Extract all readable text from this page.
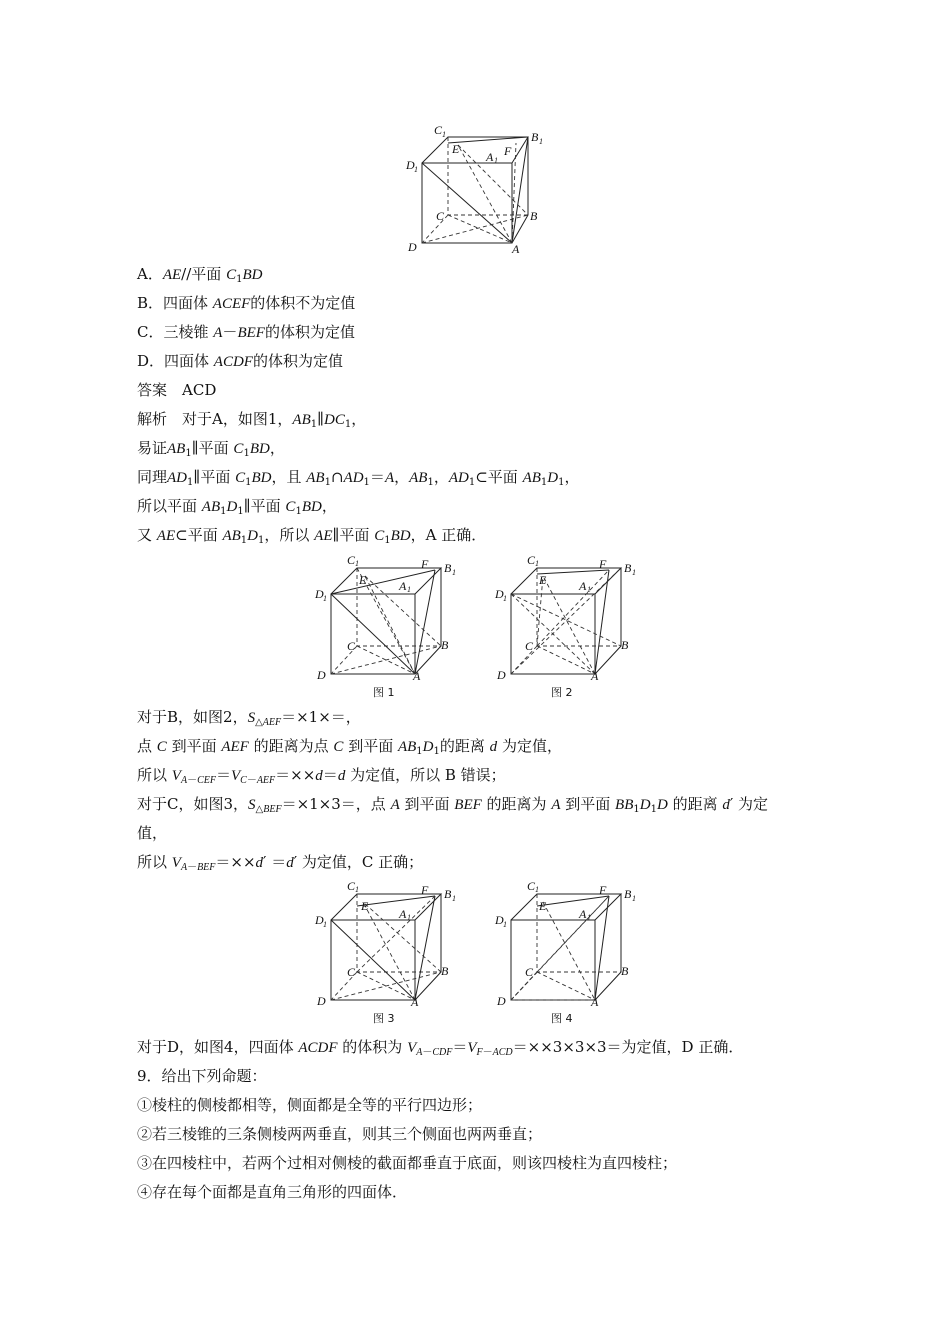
C 1	B 1
D 1
E
A 1
F
C	B
D	A
A．AE//平面 $C_1BD$
B．四面体 ACEF的体积不为定值
C．三棱锥 A－BEF的体积为定值
D．四面体 ACDF的体积为定值
答案  ACD
解析  对于A，如图1，$AB_1\parallel DC_1$，
易证$AB_1\parallel$平面 $C_1BD$，
同理$AD_1\parallel$平面 $C_1BD$，且 $AB_1\cap AD_1=A$，$AB_1$，$AD_1\subset$平面 $AB_1D_1$，
所以平面 $AB_1D_1\parallel$平面 $C_1BD$，
又 AE⊂平面 $AB_1D_1$，所以 AE∥平面 $C_1BD$，A 正确．
C 1	B 1
D 1
E	A 1
F
C	B
D	A
图 1
C 1	B 1
D 1
E	A 1
F
C	B
D	A
图 2
对于B，如图2，$S_{\triangle AEF}=\times 1\times=$，
点 C 到平面 AEF 的距离为点 C 到平面 $AB_1D_1$的距离 d 为定值，
所以 $V_{A-CEF}=V_{C-AEF}=\times\times d=d$ 为定值，所以 B 错误；
对于C，如图3，$S_{\triangle BEF}=\times 1\times 3=$，点 A 到平面 BEF 的距离为 A 到平面 $BB_1D_1D$ 的距离 d′ 为定
值，
所以 $V_{A-BEF}=\times\times d' =d'$ 为定值，C 正确；
C 1	B 1
D 1
E
A 1
F
C	B
D	A
图 3
C 1	B 1
D 1
E
A 1
F
C	B
D	A
图 4
对于D，如图4，四面体 ACDF 的体积为 $V_{A-CDF}=V_{F-ACD}=\times\times 3\times 3\times 3=$为定值，D 正确．
9．给出下列命题：
①棱柱的侧棱都相等，侧面都是全等的平行四边形；
②若三棱锥的三条侧棱两两垂直，则其三个侧面也两两垂直；
③在四棱柱中，若两个过相对侧棱的截面都垂直于底面，则该四棱柱为直四棱柱；
④存在每个面都是直角三角形的四面体．
